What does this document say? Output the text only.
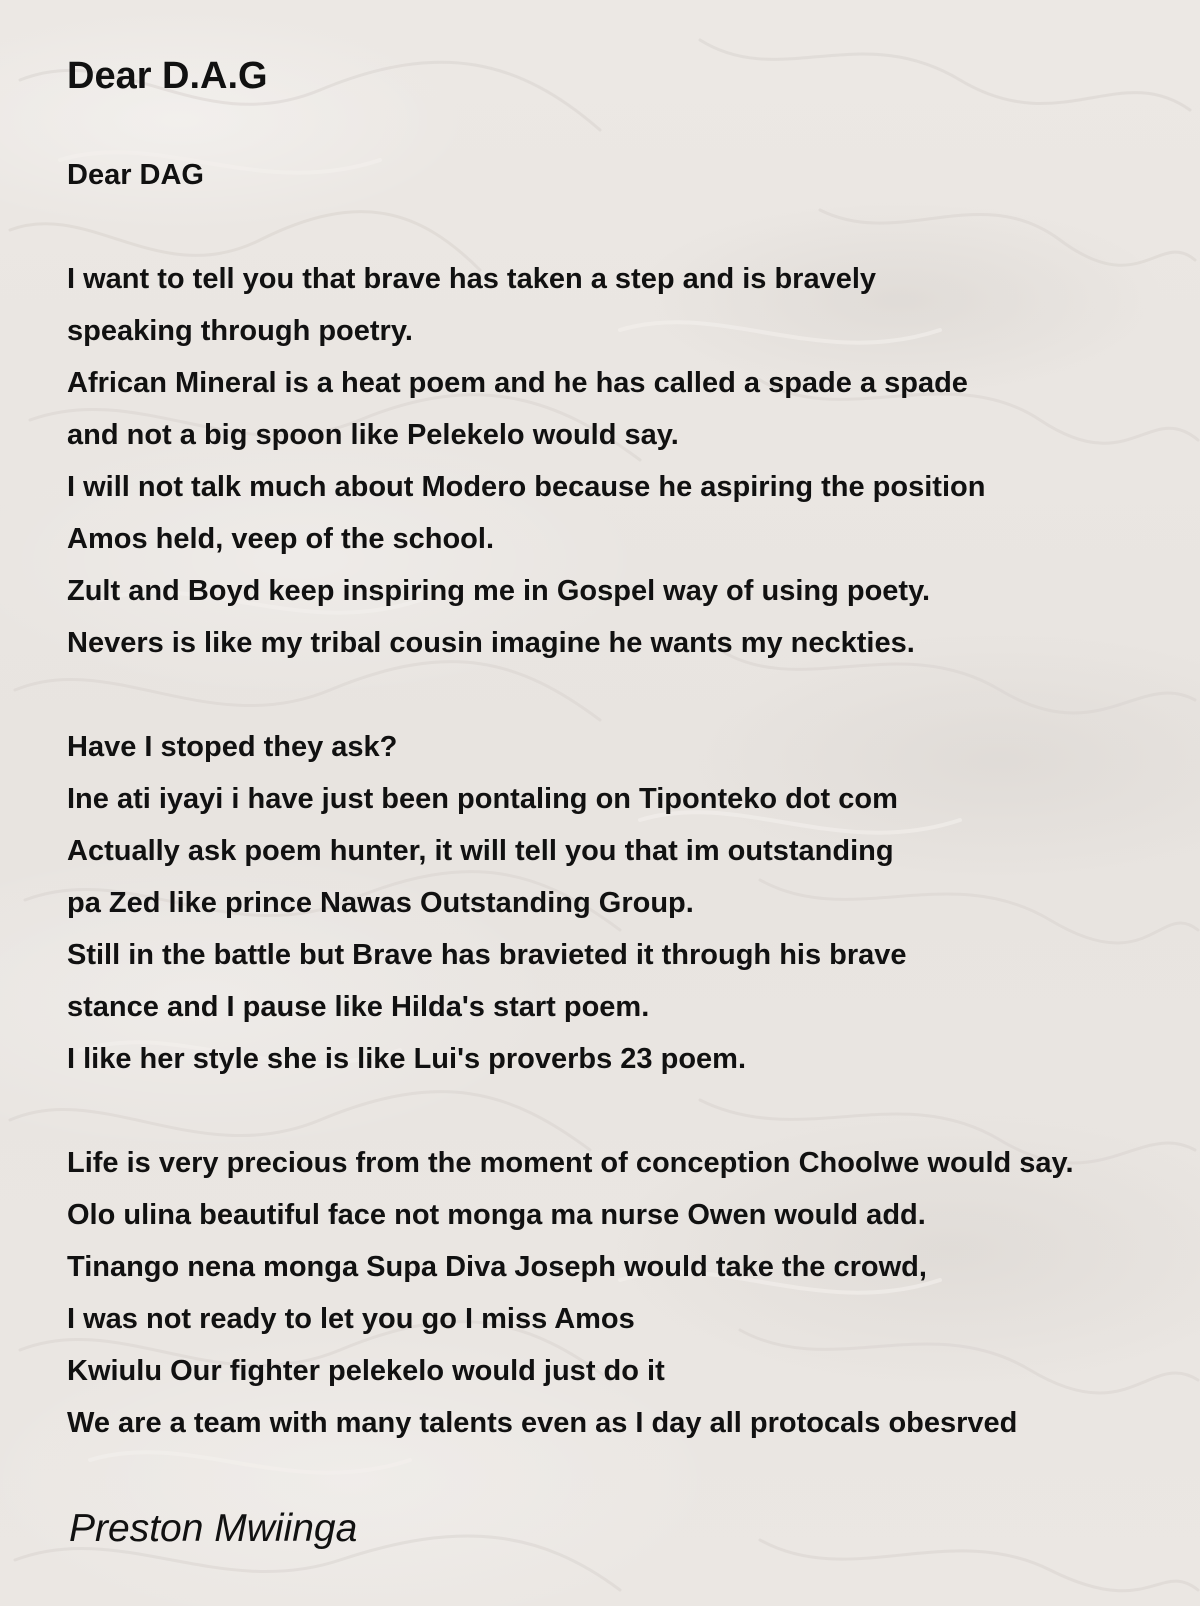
Dear D.A.G
Dear DAG
I want to tell you that brave has taken a step and is bravely
speaking through poetry.
African Mineral is a heat poem and he has called a spade a spade
and not a big spoon like Pelekelo would say.
I will not talk much about Modero because he aspiring the position
Amos held, veep of the school.
Zult and Boyd keep inspiring me in Gospel way of using poety.
Nevers is like my tribal cousin imagine he wants my neckties.
Have I stoped they ask?
Ine ati iyayi i have just been pontaling on Tiponteko dot com
Actually ask poem hunter, it will tell you that im outstanding
pa Zed like prince Nawas Outstanding Group.
Still in the battle but Brave has bravieted it through his brave
stance and I pause like Hilda's start poem.
I like her style she is like Lui's proverbs 23 poem.
Life is very precious from the moment of conception Choolwe would say.
Olo ulina beautiful face not monga ma nurse Owen would add.
Tinango nena monga Supa Diva Joseph would take the crowd,
I was not ready to let you go I miss Amos
Kwiulu Our fighter pelekelo would just do it
We are a team with many talents even as I day all protocals obesrved

Preston Mwiinga
